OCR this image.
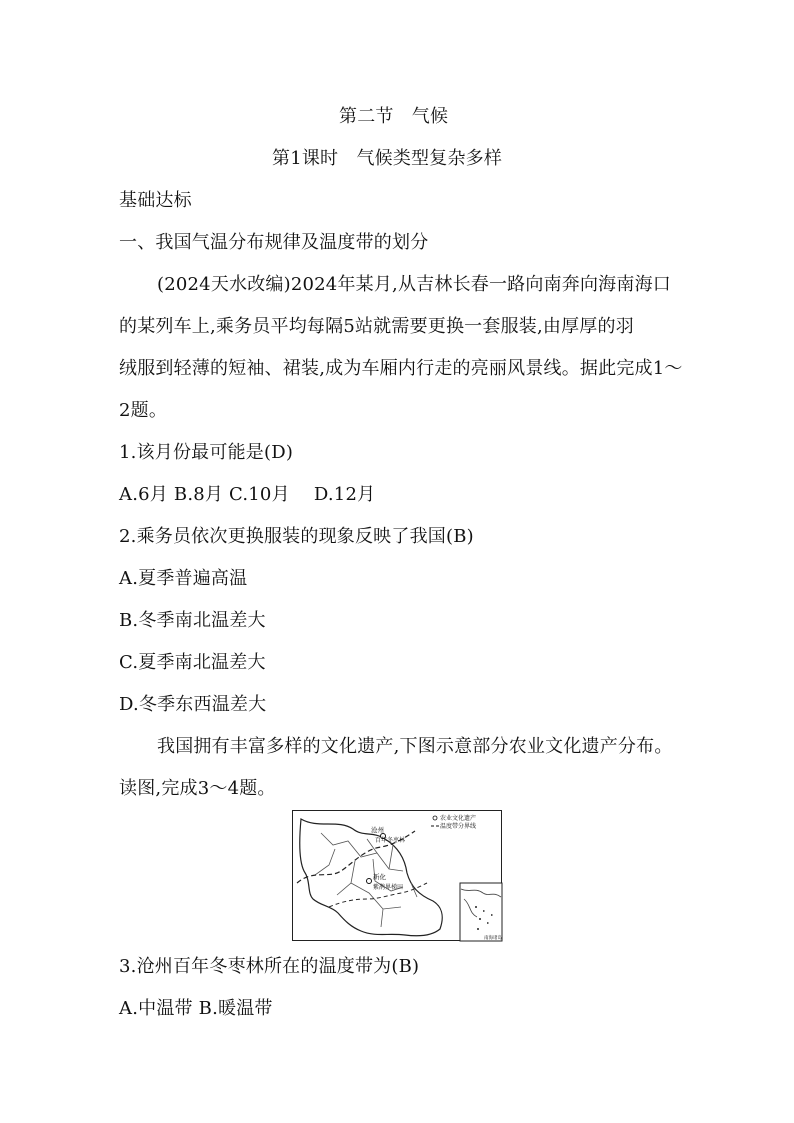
第二节　气候
第1课时　气候类型复杂多样
基础达标
一、我国气温分布规律及温度带的划分
(2024天水改编)2024年某月,从吉林长春一路向南奔向海南海口
的某列车上,乘务员平均每隔5站就需要更换一套服装,由厚厚的羽
绒服到轻薄的短袖、裙装,成为车厢内行走的亮丽风景线。据此完成1～
2题。
1.该月份最可能是(D)
A.6月 B.8月 C.10月　 D.12月
2.乘务员依次更换服装的现象反映了我国(B)
A.夏季普遍高温
B.冬季南北温差大
C.夏季南北温差大
D.冬季东西温差大
我国拥有丰富多样的文化遗产,下图示意部分农业文化遗产分布。
读图,完成3～4题。
沧州
百年冬枣林
新化
紫鹊界梯田
农业文化遗产
温度带分界线
南海诸岛
3.沧州百年冬枣林所在的温度带为(B)
A.中温带 B.暖温带
